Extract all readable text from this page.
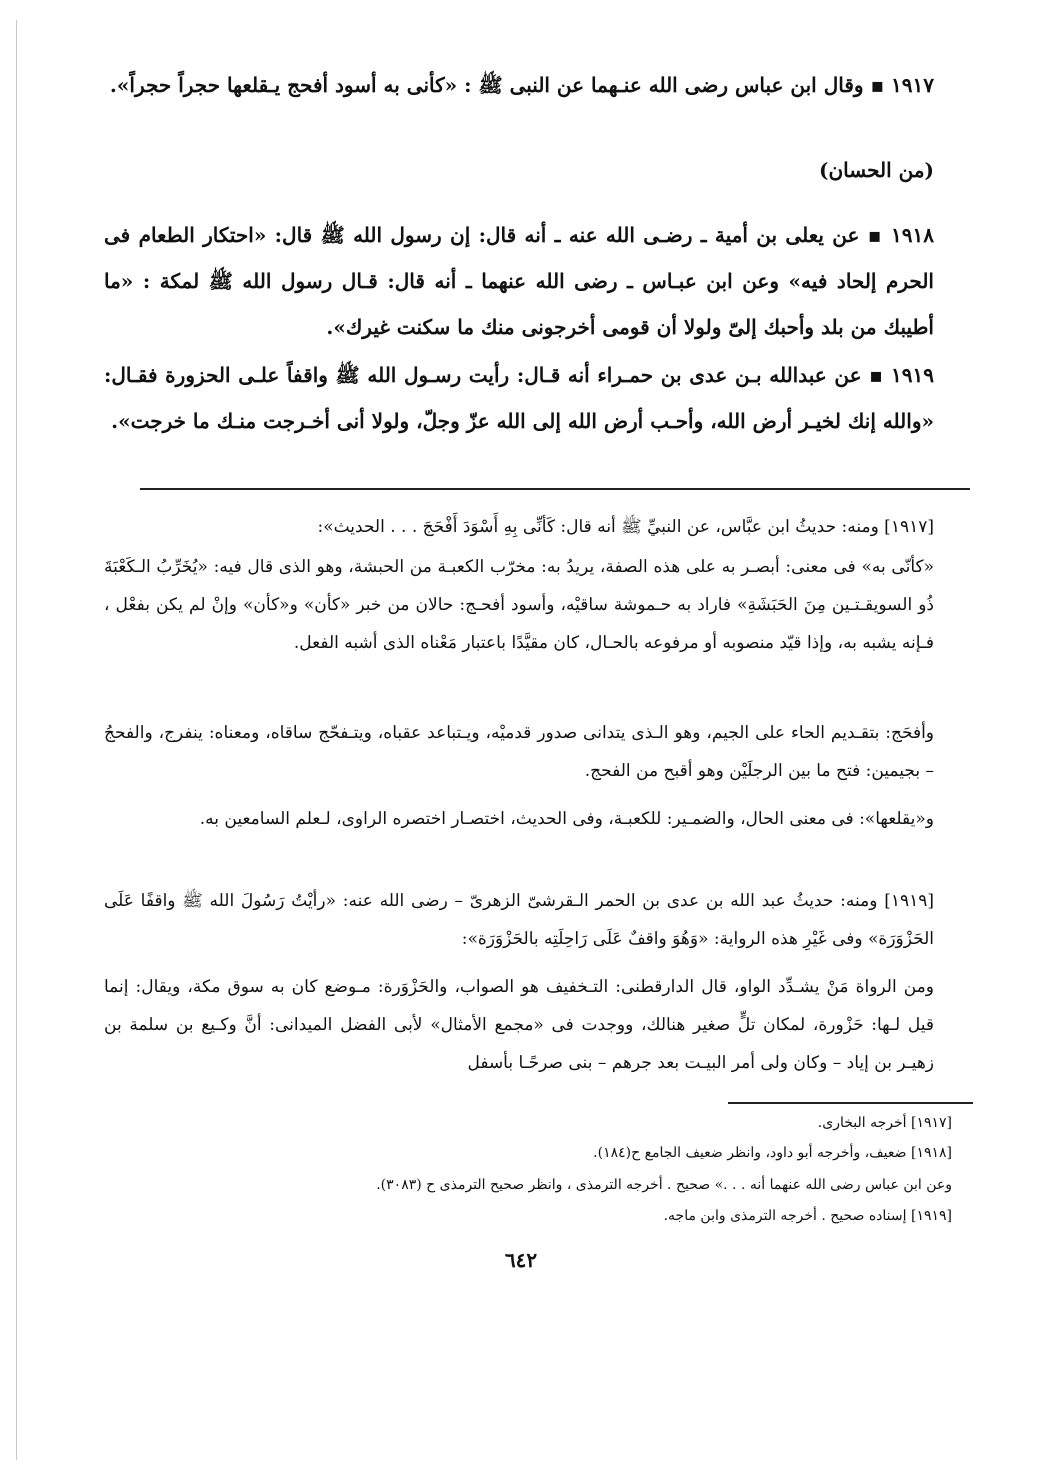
١٩١٧ ▪ وقال ابن عباس رضى الله عنـهما عن النبى ﷺ : «كأنى به أسود أفحج يـقلعها حجراً حجراً».
(من الحسان)
١٩١٨ ▪ عن يعلى بن أمية ـ رضـى الله عنه ـ أنه قال: إن رسول الله ﷺ قال: «احتكار الطعام فى الحرم إلحاد فيه» وعن ابن عبـاس ـ رضى الله عنهما ـ أنه قال: قـال رسول الله ﷺ لمكة : «ما أطيبك من بلد وأحبك إلىّ ولولا أن قومى أخرجونى منك ما سكنت غيرك».
١٩١٩ ▪ عن عبدالله بـن عدى بن حمـراء أنه قـال: رأيت رسـول الله ﷺ واقفاً علـى الحزورة فقـال: «والله إنك لخيـر أرض الله، وأحـب أرض الله إلى الله عزّ وجلّ، ولولا أنى أخـرجت منـك ما خرجت».
[١٩١٧] ومنه: حديثُ ابن عبَّاس، عن النبيِّ ﷺ أنه قال: كَأنِّى بِهِ أَسْوَدَ أَفْحَجَ . . . الحديث»:
«كأنّى به» فى معنى: أبصـر به على هذه الصفة، يريدُ به: مخرّب الكعبـة من الحبشة، وهو الذى قال فيه: «يُخَرِّبُ الـكَعْبَةَ ذُو السويقـتـين مِنَ الحَبَشَةِ» فاراد به حـموشة ساقيْه، وأسود أفحـج: حالان من خبر «كأن» و«كأن» وإنْ لم يكن بفعْل ، فـإنه يشبه به، وإذا قيّد منصوبه أو مرفوعه بالحـال، كان مقيَّدًا باعتبار مَعْناه الذى أشبه الفعل.
وأفحَج: بتقـديم الحاء على الجيم، وهو الـذى يتدانى صدور قدميْه، ويـتباعد عقباه، ويتـفحّج ساقاه، ومعناه: ينفرج، والفحجُ – بجيمين: فتح ما بين الرجلَيْن وهو أقبح من الفحج.
و«يقلعها»: فى معنى الحال، والضمـير: للكعبـة، وفى الحديث، اختصـار اختصره الراوى، لـعلم السامعين به.
[١٩١٩] ومنه: حديثُ عبد الله بن عدى بن الحمر الـقرشىّ الزهرىّ – رضى الله عنه: «رأيْتُ رَسُولَ الله ﷺ واقفًا عَلَى الحَزْوَرَة» وفى غَيْرِ هذه الرواية: «وَهُوَ واقفٌ عَلَى رَاحِلَتِه بالحَزْوَرَة»:
ومن الرواة مَنْ يشـدِّد الواو، قال الدارقطنى: التـخفيف هو الصواب، والحَزْوَرة: مـوضع كان به سوق مكة، ويقال: إنما قيل لـها: حَزْورة، لمكان تلٍّ صغير هنالك، ووجدت فى «مجمع الأمثال» لأبى الفضل الميدانى: أنَّ وكـيع بن سلمة بن زهيـر بن إياد – وكان ولى أمر البيـت بعد جرهم – بنى صرحًـا بأسفل
[١٩١٧] أخرجه البخارى.
[١٩١٨] ضعيف، وأخرجه أبو داود، وانظر ضعيف الجامع ح(١٨٤).
وعن ابن عباس رضى الله عنهما أنه . . .» صحيح . أخرجه الترمذى ، وانظر صحيح الترمذى ح (٣٠٨٣).
[١٩١٩] إسناده صحيح . أخرجه الترمذى وابن ماجه.
٦٤٢
